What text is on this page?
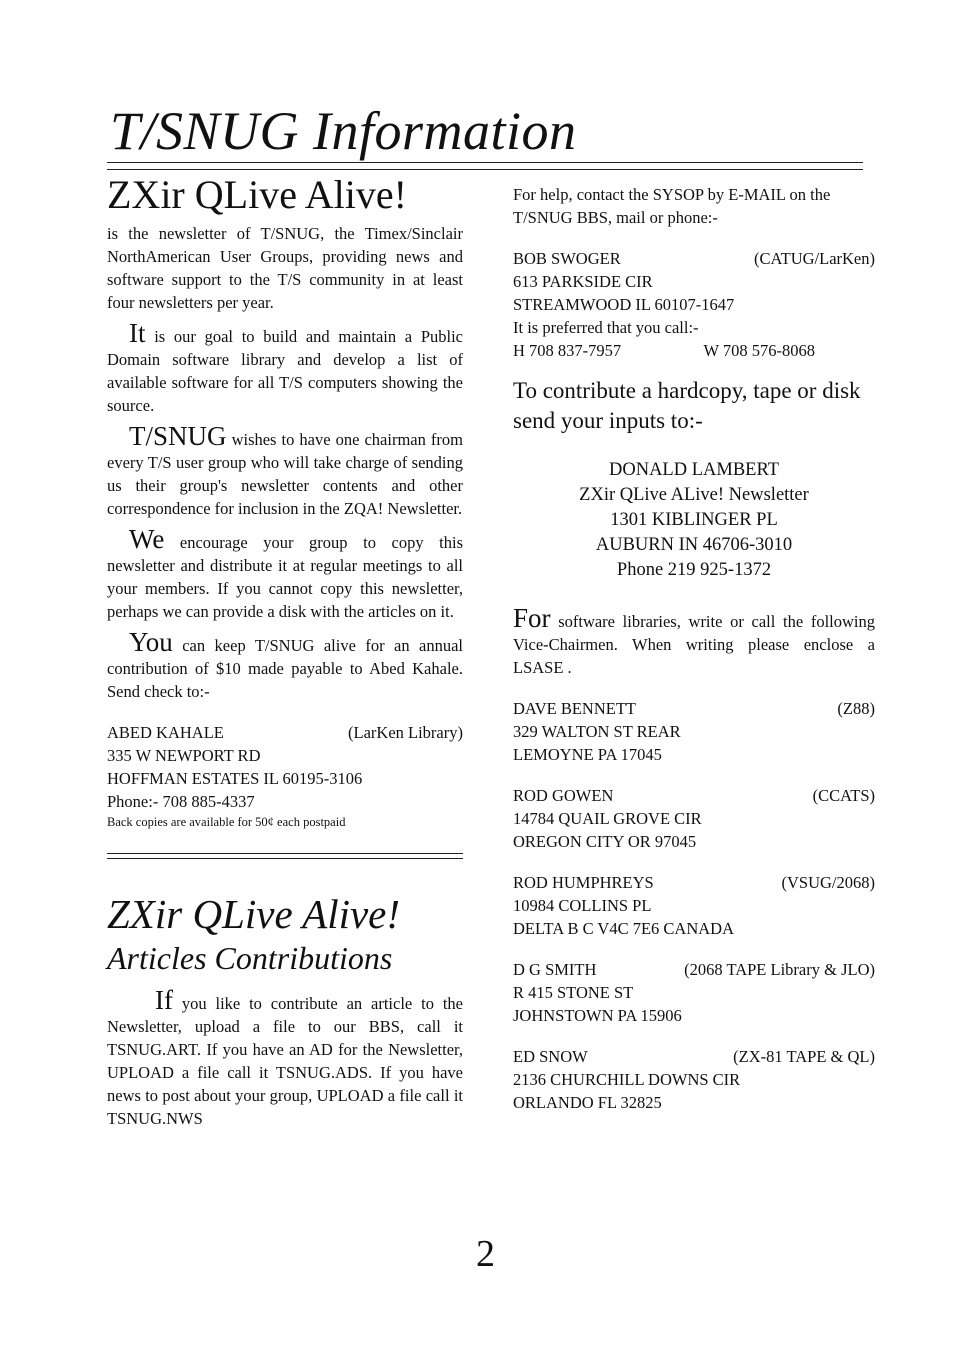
T/SNUG Information
ZXir QLive Alive!

is the newsletter of T/SNUG, the Timex/Sinclair NorthAmerican User Groups, providing news and software support to the T/S community in at least four newsletters per year.

It is our goal to build and maintain a Public Domain software library and develop a list of available software for all T/S computers showing the source.

T/SNUG wishes to have one chairman from every T/S user group who will take charge of sending us their group's newsletter contents and other correspondence for inclusion in the ZQA! Newsletter.

We encourage your group to copy this newsletter and distribute it at regular meetings to all your members. If you cannot copy this newsletter, perhaps we can provide a disk with the articles on it.

You can keep T/SNUG alive for an annual contribution of $10 made payable to Abed Kahale. Send check to:-

ABED KAHALE	(LarKen Library)
335 W NEWPORT RD
HOFFMAN ESTATES IL 60195-3106
Phone:- 708 885-4337
Back copies are available for 50¢ each postpaid
ZXir QLive Alive!
Articles Contributions

If you like to contribute an article to the Newsletter, upload a file to our BBS, call it TSNUG.ART. If you have an AD for the Newsletter, UPLOAD a file call it TSNUG.ADS. If you have news to post about your group, UPLOAD a file call it TSNUG.NWS

For help, contact the SYSOP by E-MAIL on the T/SNUG BBS, mail or phone:-

BOB SWOGER	(CATUG/LarKen)
613 PARKSIDE CIR
STREAMWOOD IL 60107-1647

It is preferred that you call:-

H 708 837-7957	W 708 576-8068

To contribute a hardcopy, tape or disk send your inputs to:-

DONALD LAMBERT
ZXir QLive ALive! Newsletter
1301 KIBLINGER PL
AUBURN IN 46706-3010
Phone 219 925-1372

For software libraries, write or call the following Vice-Chairmen. When writing please enclose a LSASE .

DAVE BENNETT	(Z88)
329 WALTON ST REAR
LEMOYNE PA 17045
ROD GOWEN	(CCATS)
14784 QUAIL GROVE CIR
OREGON CITY OR 97045
ROD HUMPHREYS	(VSUG/2068)
10984 COLLINS PL
DELTA B C V4C 7E6 CANADA
D G SMITH	(2068 TAPE Library & JLO)
R 415 STONE ST
JOHNSTOWN PA 15906
ED SNOW	(ZX-81 TAPE & QL)
2136 CHURCHILL DOWNS CIR
ORLANDO FL 32825
2
